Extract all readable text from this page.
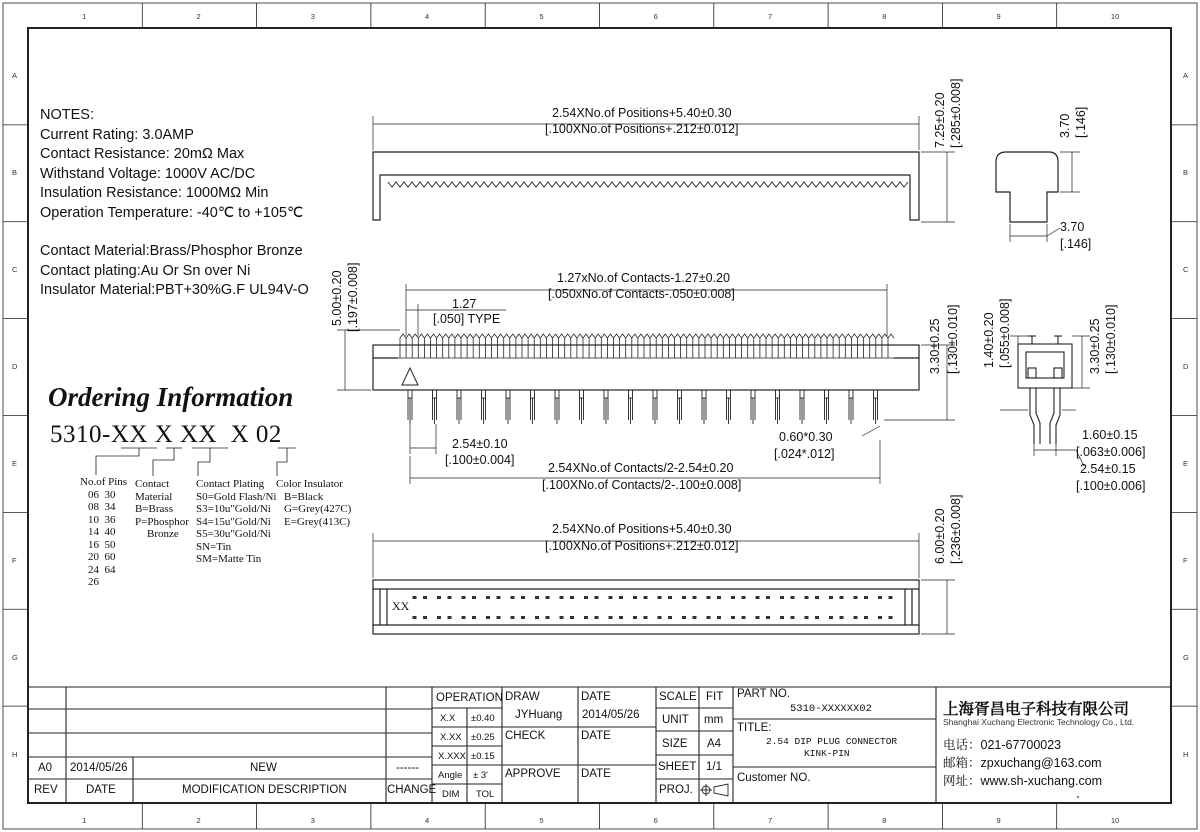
1
1
2
2
3
3
4
4
5
5
6
6
7
7
8
8
9
9
10
10
A	A
B	B
C	C
D	D
E	E
F	F
G	G
H	H
NOTES:
Current Rating: 3.0AMP
Contact Resistance: 20mΩ Max
Withstand Voltage: 1000V AC/DC
Insulation Resistance: 1000MΩ Min
Operation Temperature: -40℃ to +105℃
Contact Material:Brass/Phosphor Bronze
Contact plating:Au Or Sn over Ni
Insulator Material:PBT+30%G.F UL94V-O
Ordering Information
5310-XX X XX X 02
No.of Pins
06  30
08  34
10  36
14  40
16  50
20  60
24  64
26
Contact
Material
B=Brass
P=Phosphor
Bronze
Contact Plating
S0=Gold Flash/Ni
S3=10u"Gold/Ni
S4=15u"Gold/Ni
S5=30u"Gold/Ni
SN=Tin
SM=Matte Tin
Color Insulator
B=Black
G=Grey(427C)
E=Grey(413C)
2.54XNo.of Positions+5.40±0.30
[.100XNo.of Positions+.212±0.012]	7.25±0.20 [.285±0.008]	3.70 [.146]
3.70
[.146]
1.27xNo.of Contacts-1.27±0.20
[.050xNo.of Contacts-.050±0.008]
1.27
[.050] TYPE
5.00±0.20 [.197±0.008]
3.30±0.25 [.130±0.010]
2.54±0.10
[.100±0.004]
0.60*0.30
[.024*.012]
2.54XNo.of Contacts/2-2.54±0.20
[.100XNo.of Contacts/2-.100±0.008]
1.40±0.20 [.055±0.008]	3.30±0.25 [.130±0.010]
1.60±0.15
[.063±0.006]
2.54±0.15
[.100±0.006]
2.54XNo.of Positions+5.40±0.30
[.100XNo.of Positions+.212±0.012]	6.00±0.20 [.236±0.008]
XX
A0 2014/05/26	NEW	------
REV DATE	MODIFICATION DESCRIPTION	CHANGE
OPERATION
X.X ±0.40
X.XX ±0.25
X.XXX ±0.15
Angle ± 3'
DIM TOL
DRAW
JYHuang
DATE
2014/05/26
CHECK	DATE
APPROVE DATE
SCALE FIT
UNIT mm
SIZE A4
SHEET 1/1
PROJ.
PART NO.
5310-XXXXXX02
TITLE:
2.54 DIP PLUG CONNECTOR
KINK-PIN
Customer NO.
上海胥昌电子科技有限公司
Shanghai Xuchang Electronic Technology Co., Ltd.
电话：021-67700023
邮箱：zpxuchang@163.com
网址：www.sh-xuchang.com
